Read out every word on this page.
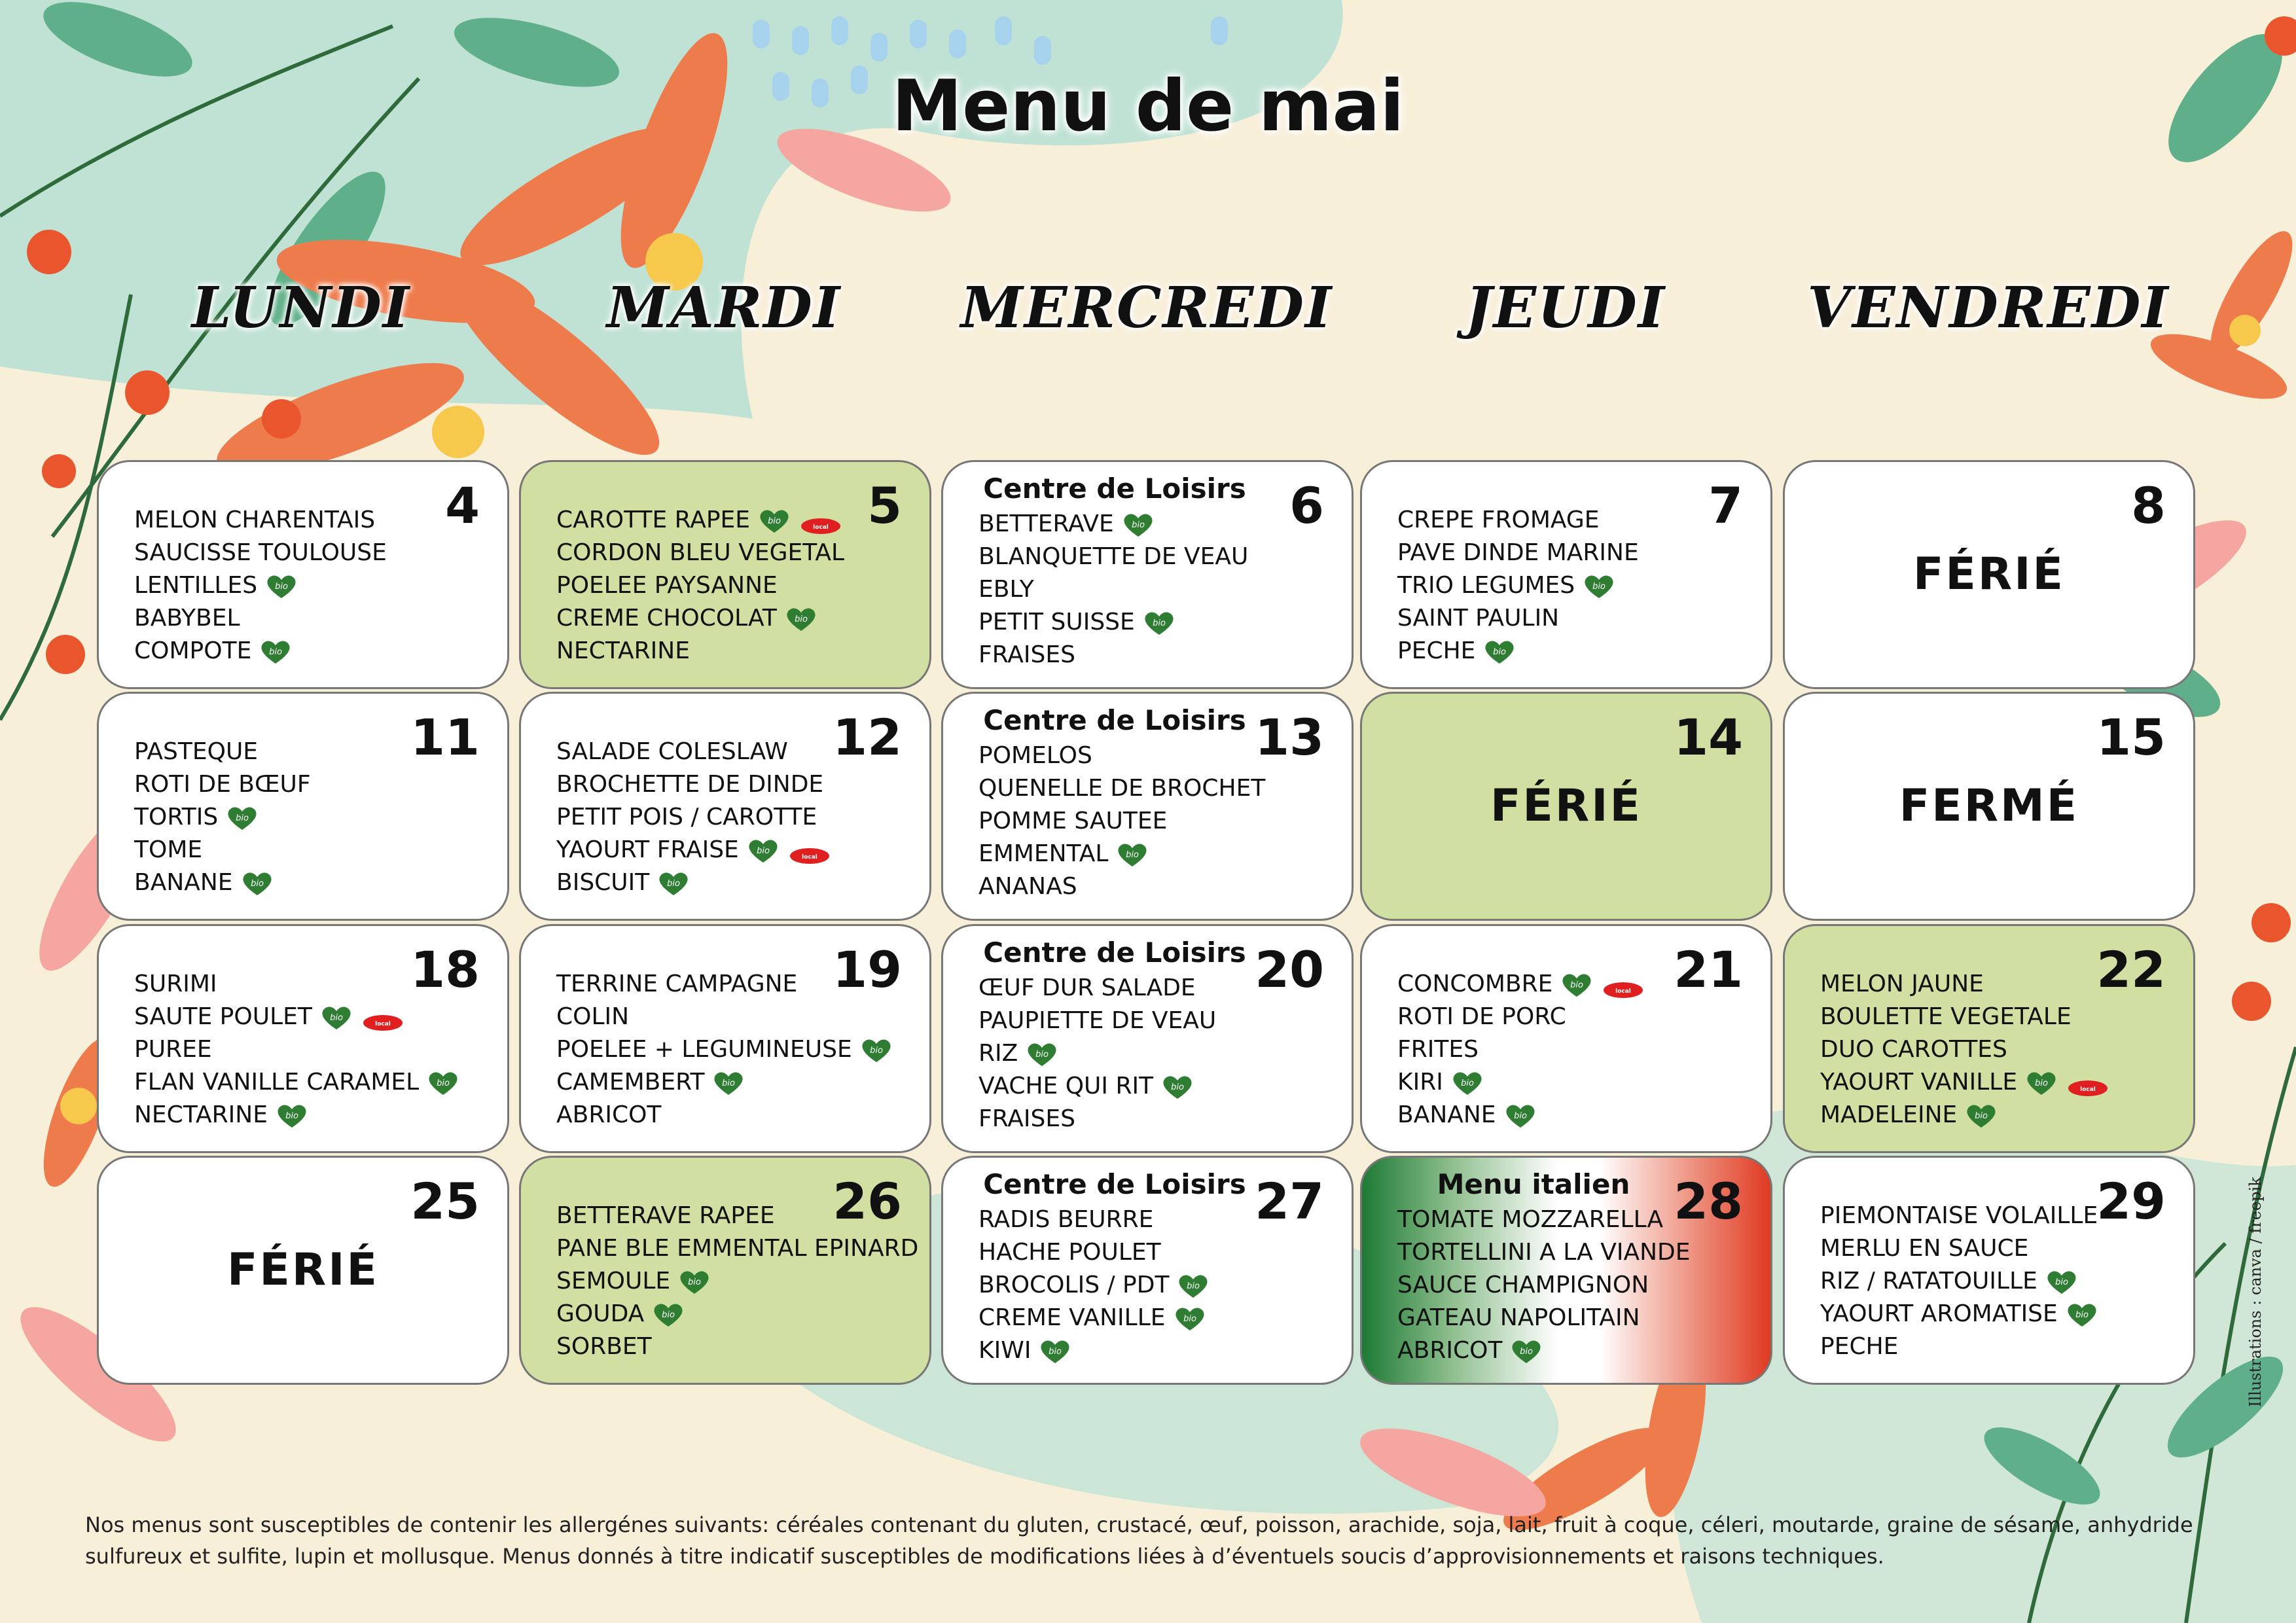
Menu de mai
LUNDI	MARDI	MERCREDI	JEUDI	VENDREDI
4
MELON CHARENTAIS
SAUCISSE TOULOUSE
LENTILLES bio
BABYBEL
COMPOTE bio
5
CAROTTE RAPEE bio
local
CORDON BLEU VEGETAL
POELEE PAYSANNE
CREME CHOCOLAT bio
NECTARINE
6
Centre de Loisirs
BETTERAVE bio
BLANQUETTE DE VEAU
EBLY
PETIT SUISSE bio
FRAISES
7
CREPE FROMAGE
PAVE DINDE MARINE
TRIO LEGUMES bio
SAINT PAULIN
PECHE bio
8
FÉRIÉ
11
PASTEQUE
ROTI DE BŒUF
TORTIS bio
TOME
BANANE bio
12
SALADE COLESLAW
BROCHETTE DE DINDE
PETIT POIS / CAROTTE
YAOURT FRAISE bio
local
BISCUIT bio
13
Centre de Loisirs
POMELOS
QUENELLE DE BROCHET
POMME SAUTEE
EMMENTAL bio
ANANAS
14
FÉRIÉ
15
FERMÉ
18
SURIMI
SAUTE POULET bio
local
PUREE
FLAN VANILLE CARAMEL bio
NECTARINE bio
19
TERRINE CAMPAGNE
COLIN
POELEE + LEGUMINEUSE bio
CAMEMBERT bio
ABRICOT
20
Centre de Loisirs
ŒUF DUR SALADE
PAUPIETTE DE VEAU
RIZ bio
VACHE QUI RIT bio
FRAISES
21
CONCOMBRE bio
local
ROTI DE PORC
FRITES
KIRI bio
BANANE bio
22
MELON JAUNE
BOULETTE VEGETALE
DUO CAROTTES
YAOURT VANILLE bio
local
MADELEINE bio
25
FÉRIÉ
26
BETTERAVE RAPEE
PANE BLE EMMENTAL EPINARD
SEMOULE bio
GOUDA bio
SORBET
27
Centre de Loisirs
RADIS BEURRE
HACHE POULET
BROCOLIS / PDT bio
CREME VANILLE bio
KIWI bio
28
Menu italien
TOMATE MOZZARELLA
TORTELLINI A LA VIANDE
SAUCE CHAMPIGNON
GATEAU NAPOLITAIN
ABRICOT bio
29
PIEMONTAISE VOLAILLE
MERLU EN SAUCE
RIZ / RATATOUILLE bio
YAOURT AROMATISE bio
PECHE
Nos menus sont susceptibles de contenir les allergénes suivants: céréales contenant du gluten, crustacé, œuf, poisson, arachide, soja, lait, fruit à coque, céleri, moutarde, graine de sésame, anhydride sulfureux et sulfite, lupin et mollusque. Menus donnés à titre indicatif susceptibles de modifications liées à d’éventuels soucis d’approvisionnements et raisons techniques.
Illustrations : canva / freepik
